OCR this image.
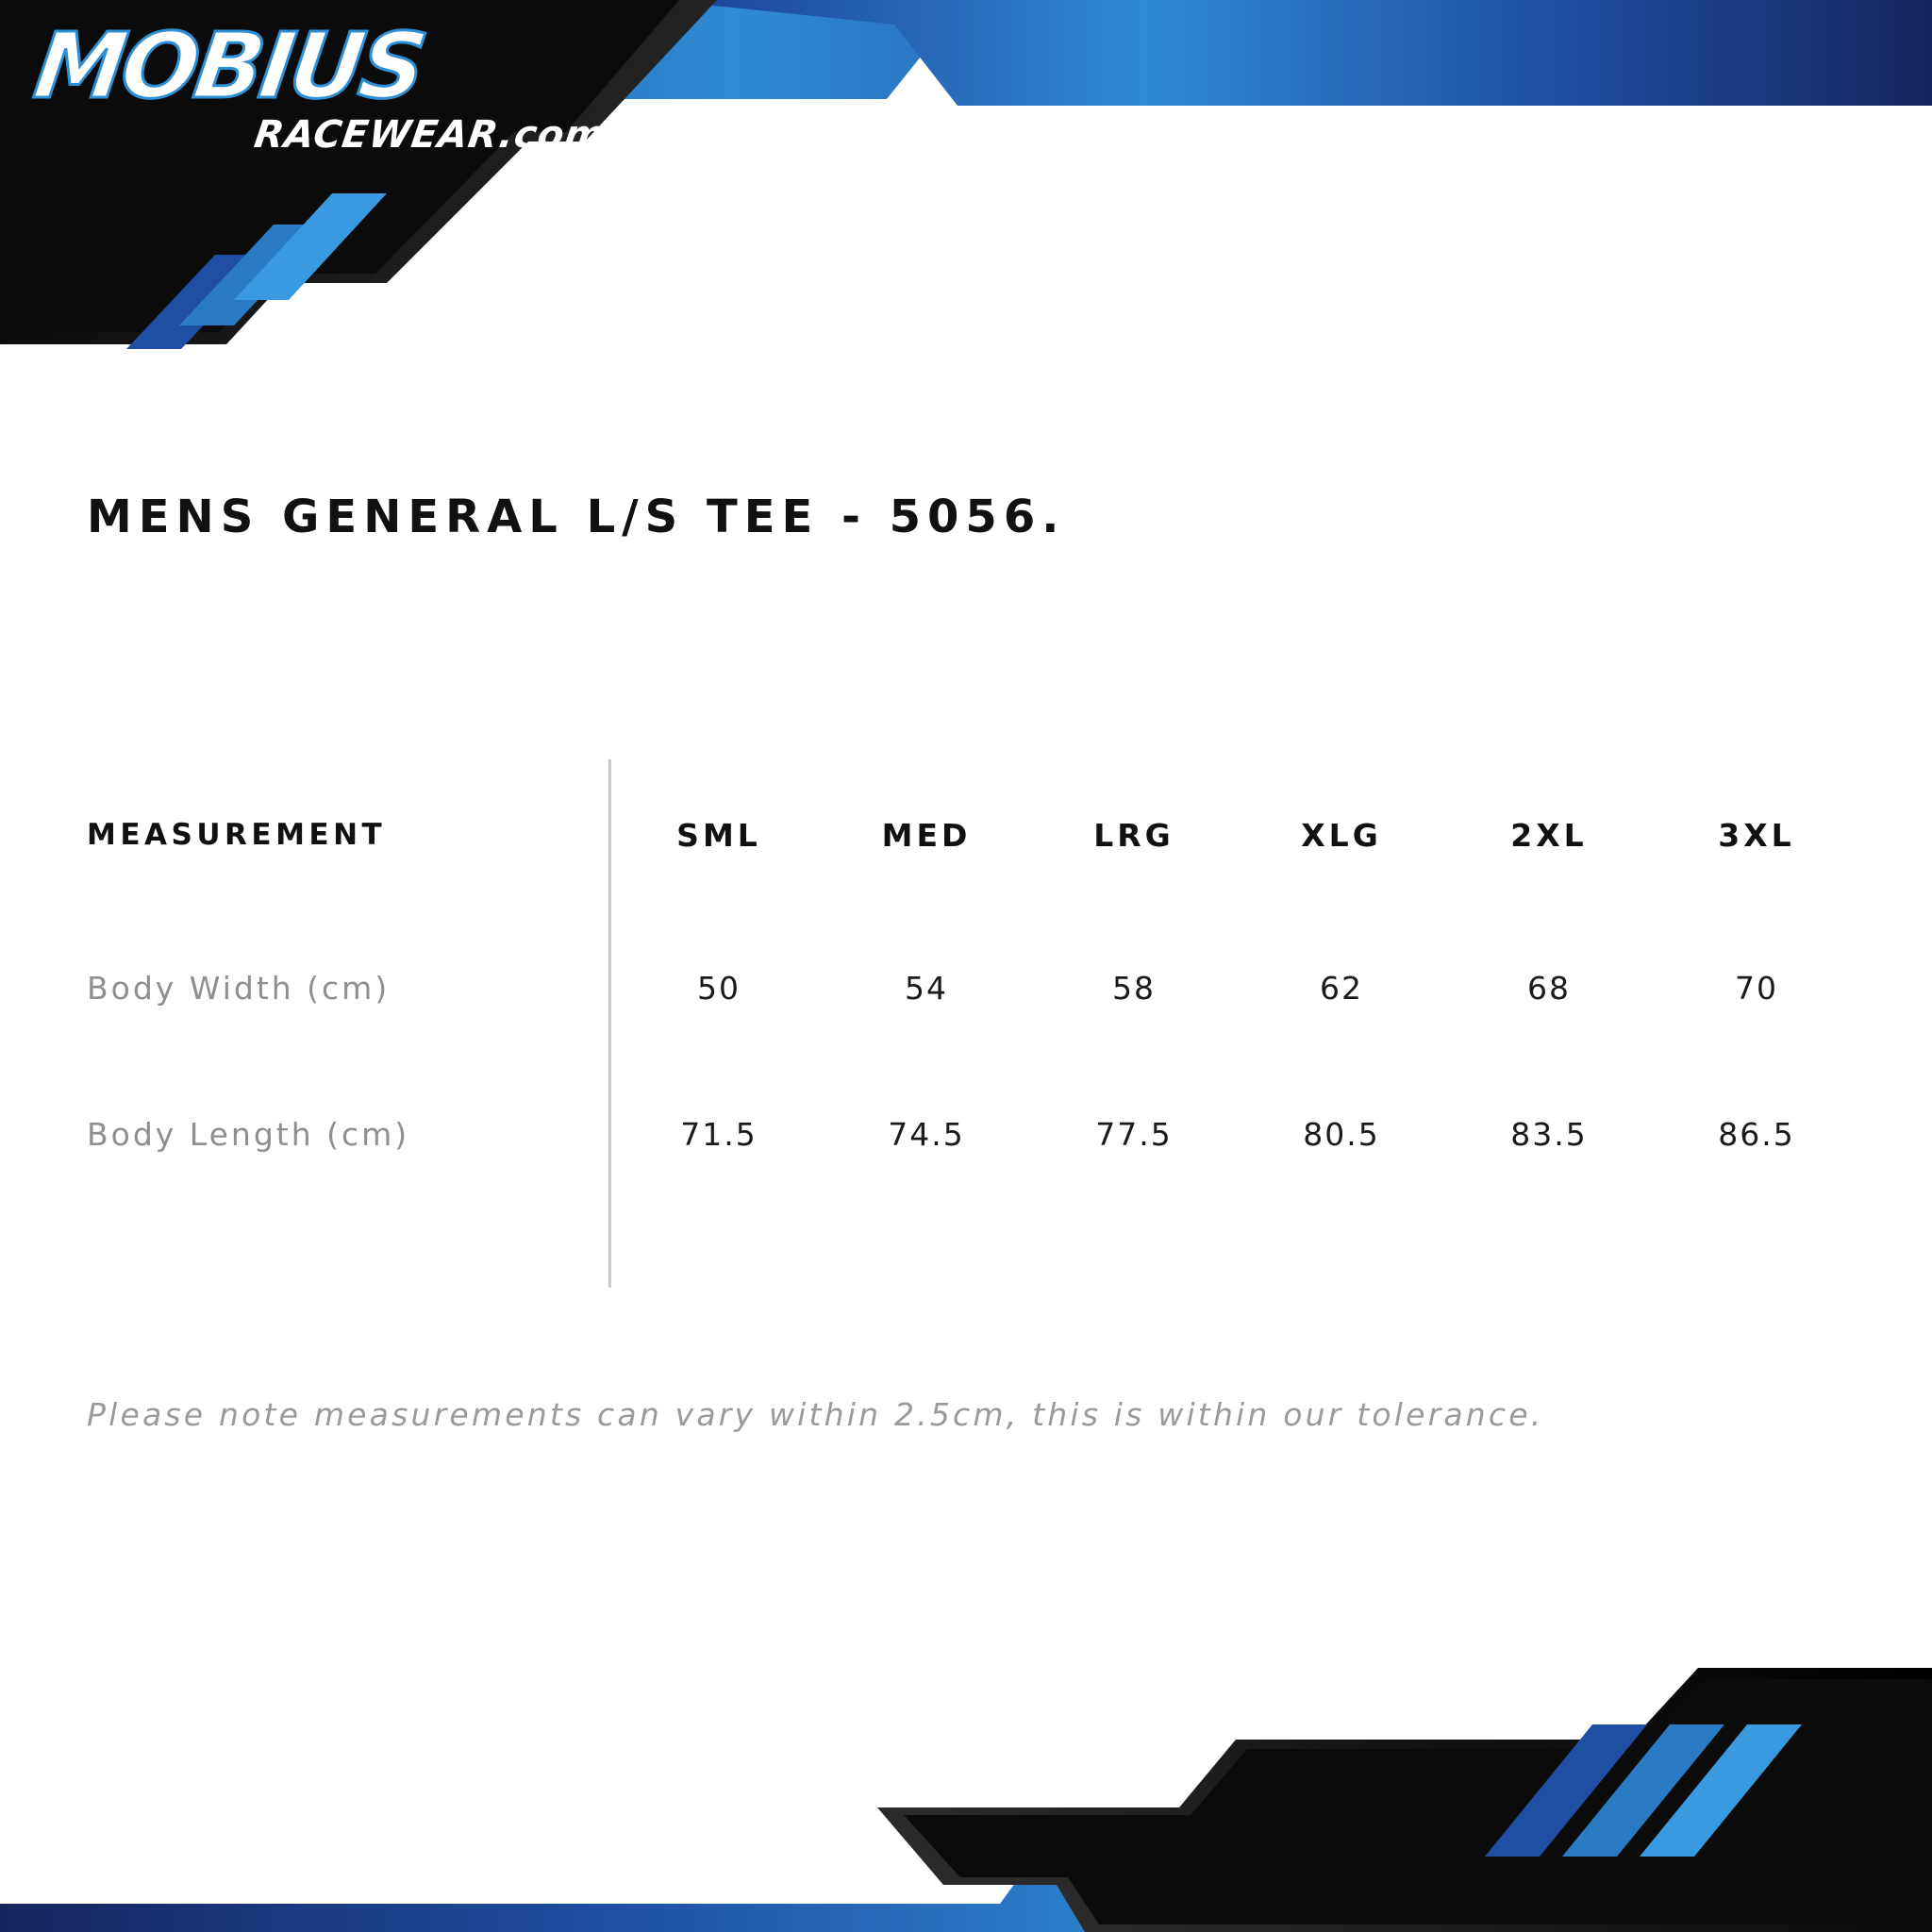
MOBIUS
RACEWEAR.com
MENS GENERAL L/S TEE - 5056.
MEASUREMENT	SML	MED	LRG	XLG	2XL	3XL
Body Width (cm)	50	54	58	62	68	70
Body Length (cm)	71.5	74.5	77.5	80.5	83.5	86.5
Please note measurements can vary within 2.5cm, this is within our tolerance.
